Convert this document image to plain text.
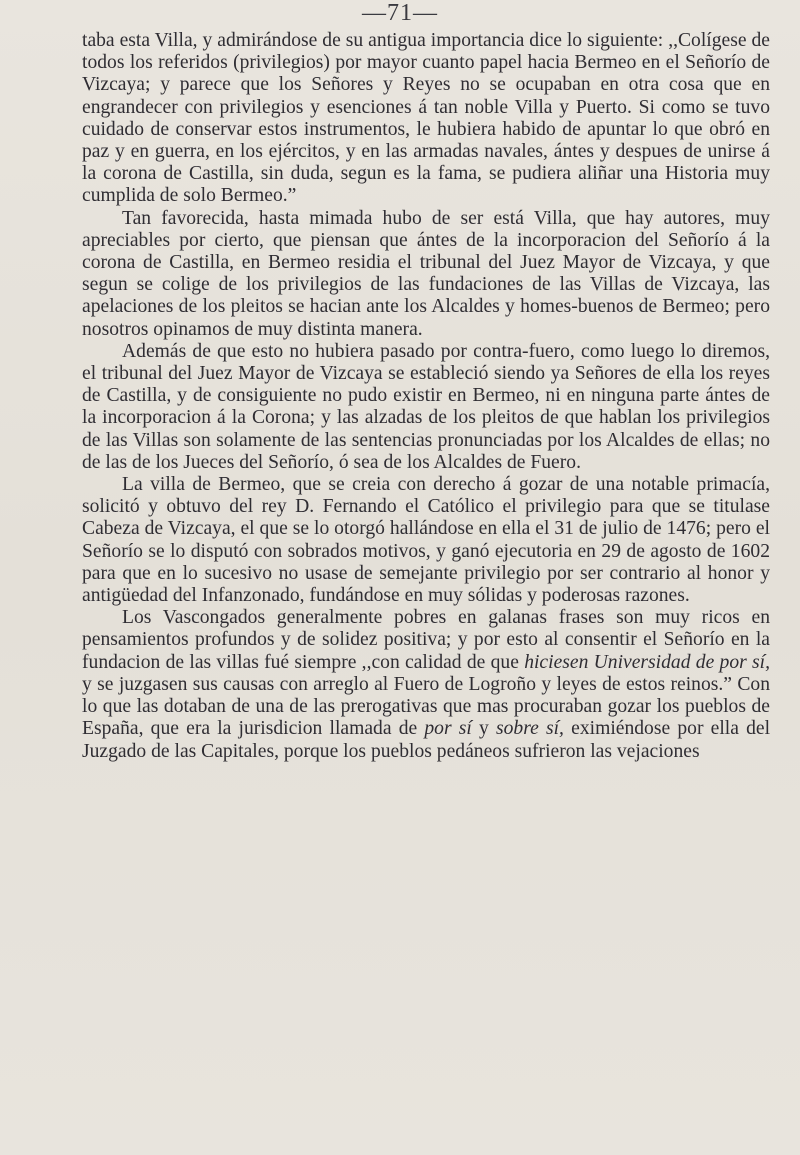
—71—

taba esta Villa, y admirándose de su antigua importancia dice lo siguiente: ,,Colígese de todos los referidos (privilegios) por mayor cuanto papel hacia Bermeo en el Señorío de Vizcaya; y parece que los Señores y Reyes no se ocupaban en otra cosa que en engrandecer con privilegios y esenciones á tan noble Villa y Puerto. Si como se tuvo cuidado de conservar estos instrumentos, le hubiera habido de apuntar lo que obró en paz y en guerra, en los ejércitos, y en las armadas navales, ántes y despues de unirse á la corona de Castilla, sin duda, segun es la fama, se pudiera aliñar una Historia muy cumplida de solo Bermeo.”

Tan favorecida, hasta mimada hubo de ser está Villa, que hay autores, muy apreciables por cierto, que piensan que ántes de la incorporacion del Señorío á la corona de Castilla, en Bermeo residia el tribunal del Juez Mayor de Vizcaya, y que segun se colige de los privilegios de las fundaciones de las Villas de Vizcaya, las apelaciones de los pleitos se hacian ante los Alcaldes y homes-buenos de Bermeo; pero nosotros opinamos de muy distinta manera.

Además de que esto no hubiera pasado por contra-fuero, como luego lo diremos, el tribunal del Juez Mayor de Vizcaya se estableció siendo ya Señores de ella los reyes de Castilla, y de consiguiente no pudo existir en Bermeo, ni en ninguna parte ántes de la incorporacion á la Corona; y las alzadas de los pleitos de que hablan los privilegios de las Villas son solamente de las sentencias pronunciadas por los Alcaldes de ellas; no de las de los Jueces del Señorío, ó sea de los Alcaldes de Fuero.

La villa de Bermeo, que se creia con derecho á gozar de una notable primacía, solicitó y obtuvo del rey D. Fernando el Católico el privilegio para que se titulase Cabeza de Vizcaya, el que se lo otorgó hallándose en ella el 31 de julio de 1476; pero el Señorío se lo disputó con sobrados motivos, y ganó ejecutoria en 29 de agosto de 1602 para que en lo sucesivo no usase de semejante privilegio por ser contrario al honor y antigüedad del Infanzonado, fundándose en muy sólidas y poderosas razones.

Los Vascongados generalmente pobres en galanas frases son muy ricos en pensamientos profundos y de solidez positiva; y por esto al consentir el Señorío en la fundacion de las villas fué siempre ,,con calidad de que hiciesen Universidad de por sí, y se juzgasen sus causas con arreglo al Fuero de Logroño y leyes de estos reinos.” Con lo que las dotaban de una de las prerogativas que mas procuraban gozar los pueblos de España, que era la jurisdicion llamada de por sí y sobre sí, eximiéndose por ella del Juzgado de las Capitales, porque los pueblos pedáneos sufrieron las vejaciones
